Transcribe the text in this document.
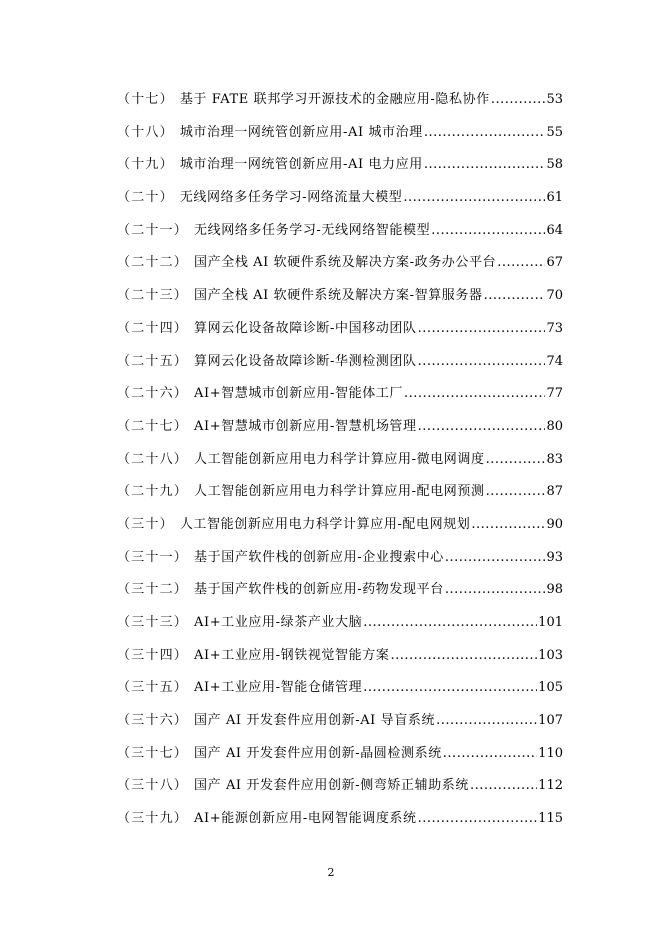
（十七） 基于 FATE 联邦学习开源技术的金融应用-隐私协作 .....	53
（十八） 城市治理一网统管创新应用-AI 城市治理 .....	55
（十九） 城市治理一网统管创新应用-AI 电力应用 .....	58
（二十） 无线网络多任务学习-网络流量大模型 .....	61
（二十一） 无线网络多任务学习-无线网络智能模型 .....	64
（二十二） 国产全栈 AI 软硬件系统及解决方案-政务办公平台 .....	67
（二十三） 国产全栈 AI 软硬件系统及解决方案-智算服务器 .....	70
（二十四） 算网云化设备故障诊断-中国移动团队 .....	73
（二十五） 算网云化设备故障诊断-华测检测团队 .....	74
（二十六） AI+智慧城市创新应用-智能体工厂 .....	77
（二十七） AI+智慧城市创新应用-智慧机场管理 .....	80
（二十八） 人工智能创新应用电力科学计算应用-微电网调度 .....	83
（二十九） 人工智能创新应用电力科学计算应用-配电网预测 .....	87
（三十） 人工智能创新应用电力科学计算应用-配电网规划 .....	90
（三十一） 基于国产软件栈的创新应用-企业搜索中心 .....	93
（三十二） 基于国产软件栈的创新应用-药物发现平台 .....	98
（三十三） AI+工业应用-绿茶产业大脑 .....	101
（三十四） AI+工业应用-钢铁视觉智能方案 .....	103
（三十五） AI+工业应用-智能仓储管理 .....	105
（三十六） 国产 AI 开发套件应用创新-AI 导盲系统 .....	107
（三十七） 国产 AI 开发套件应用创新-晶圆检测系统 .....	110
（三十八） 国产 AI 开发套件应用创新-侧弯矫正辅助系统 .....	112
（三十九） AI+能源创新应用-电网智能调度系统 .....	115
2
